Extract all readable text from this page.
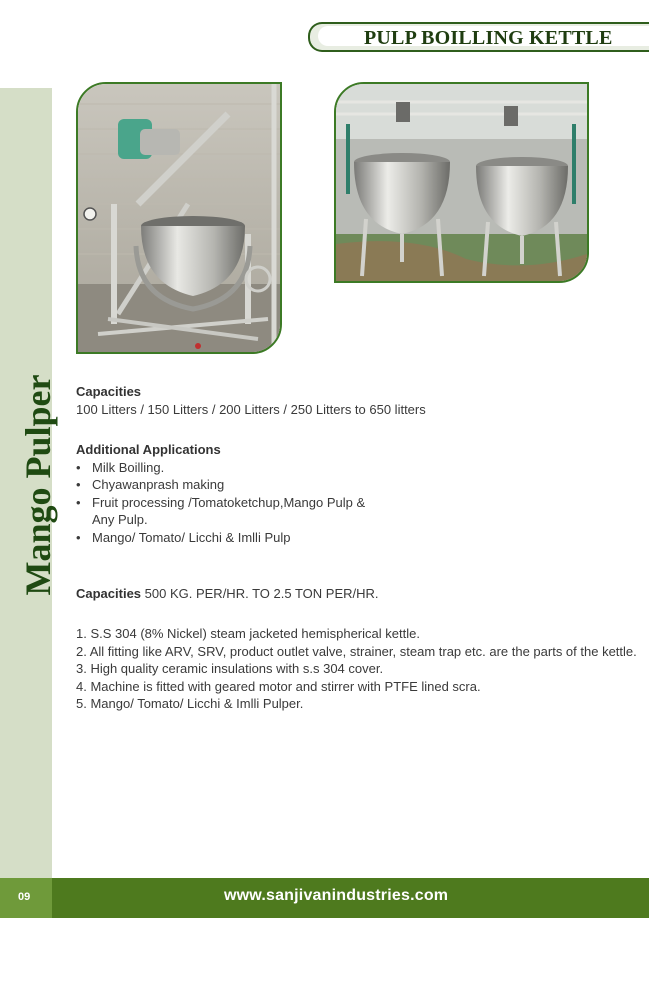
PULP BOILLING KETTLE
Mango Pulper Capacities
100 Litters / 150 Litters / 200 Litters / 250 Litters to 650 litters
Additional Applications
• Milk Boilling.
• Chyawanprash making
• Fruit processing /Tomatoketchup,Mango Pulp &
Any Pulp.
• Mango/ Tomato/ Licchi & Imlli Pulp
Capacities 500 KG. PER/HR. TO 2.5 TON PER/HR.
1. S.S 304 (8% Nickel) steam jacketed hemispherical kettle.
2. All fitting like ARV, SRV, product outlet valve, strainer, steam trap etc. are the parts of the kettle.
3. High quality ceramic insulations with s.s 304 cover.
4. Machine is fitted with geared motor and stirrer with PTFE lined scra.
5. Mango/ Tomato/ Licchi & Imlli Pulper.
09	www.sanjivanindustries.com
